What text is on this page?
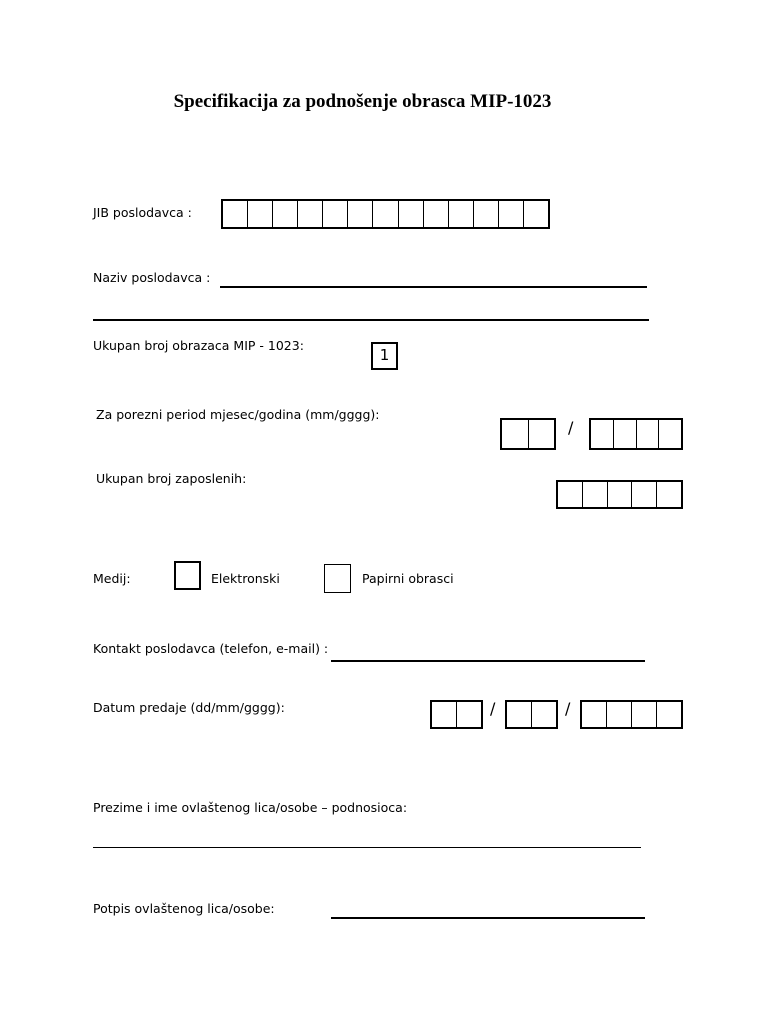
Specifikacija za podnošenje obrasca MIP-1023
JIB poslodavca :
Naziv poslodavca :
Ukupan broj obrazaca MIP - 1023:
1
Za porezni period mjesec/godina (mm/gggg):
/
Ukupan broj zaposlenih:
Medij:	Elektronski	Papirni obrasci
Kontakt poslodavca (telefon, e-mail) :
Datum predaje (dd/mm/gggg):	/	/
Prezime i ime ovlaštenog lica/osobe – podnosioca:
Potpis ovlaštenog lica/osobe:
